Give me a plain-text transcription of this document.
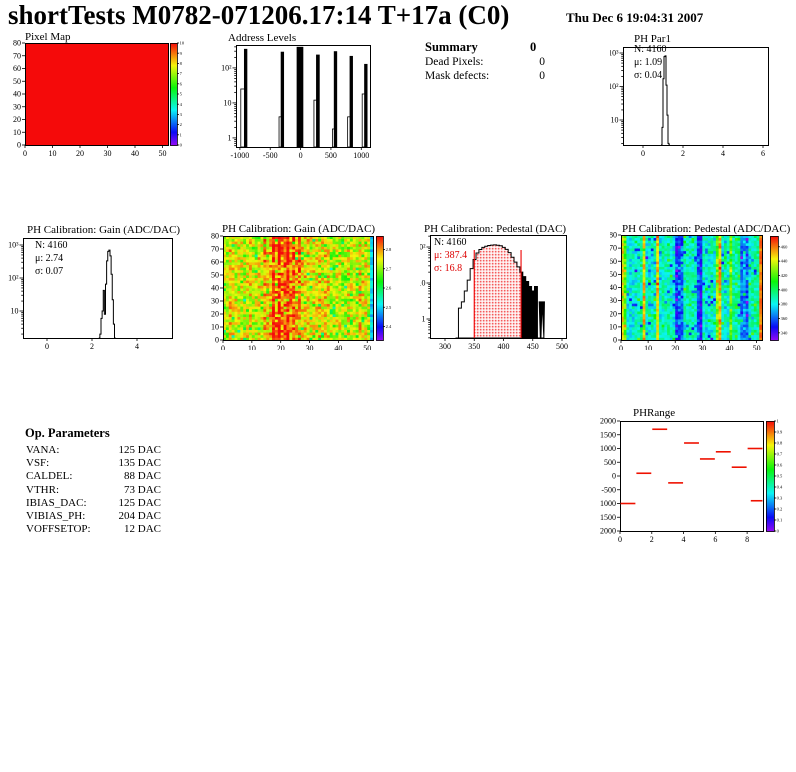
shortTests M0782-071206.17:14 T+17a (C0)	Thu Dec 6 19:04:31 2007
Pixel Map	Address Levels
Summary	0
Dead Pixels:	0
Mask defects:	0
PH Par1
N: 4160
μ: 1.09
σ: 0.04
PH Calibration: Gain (ADC/DAC)
N: 4160
μ: 2.74
σ: 0.07
PH Calibration: Gain (ADC/DAC)	PH Calibration: Pedestal (DAC)
N: 4160
μ: 387.4
σ: 16.8
PH Calibration: Pedestal (ADC/DAC)
Op. Parameters
VANA:	125 DAC
VSF:	135 DAC
CALDEL:	88 DAC
VTHR:	73 DAC
IBIAS_DAC:	125 DAC
VIBIAS_PH:	204 DAC
VOFFSETOP:	12 DAC
PHRange
